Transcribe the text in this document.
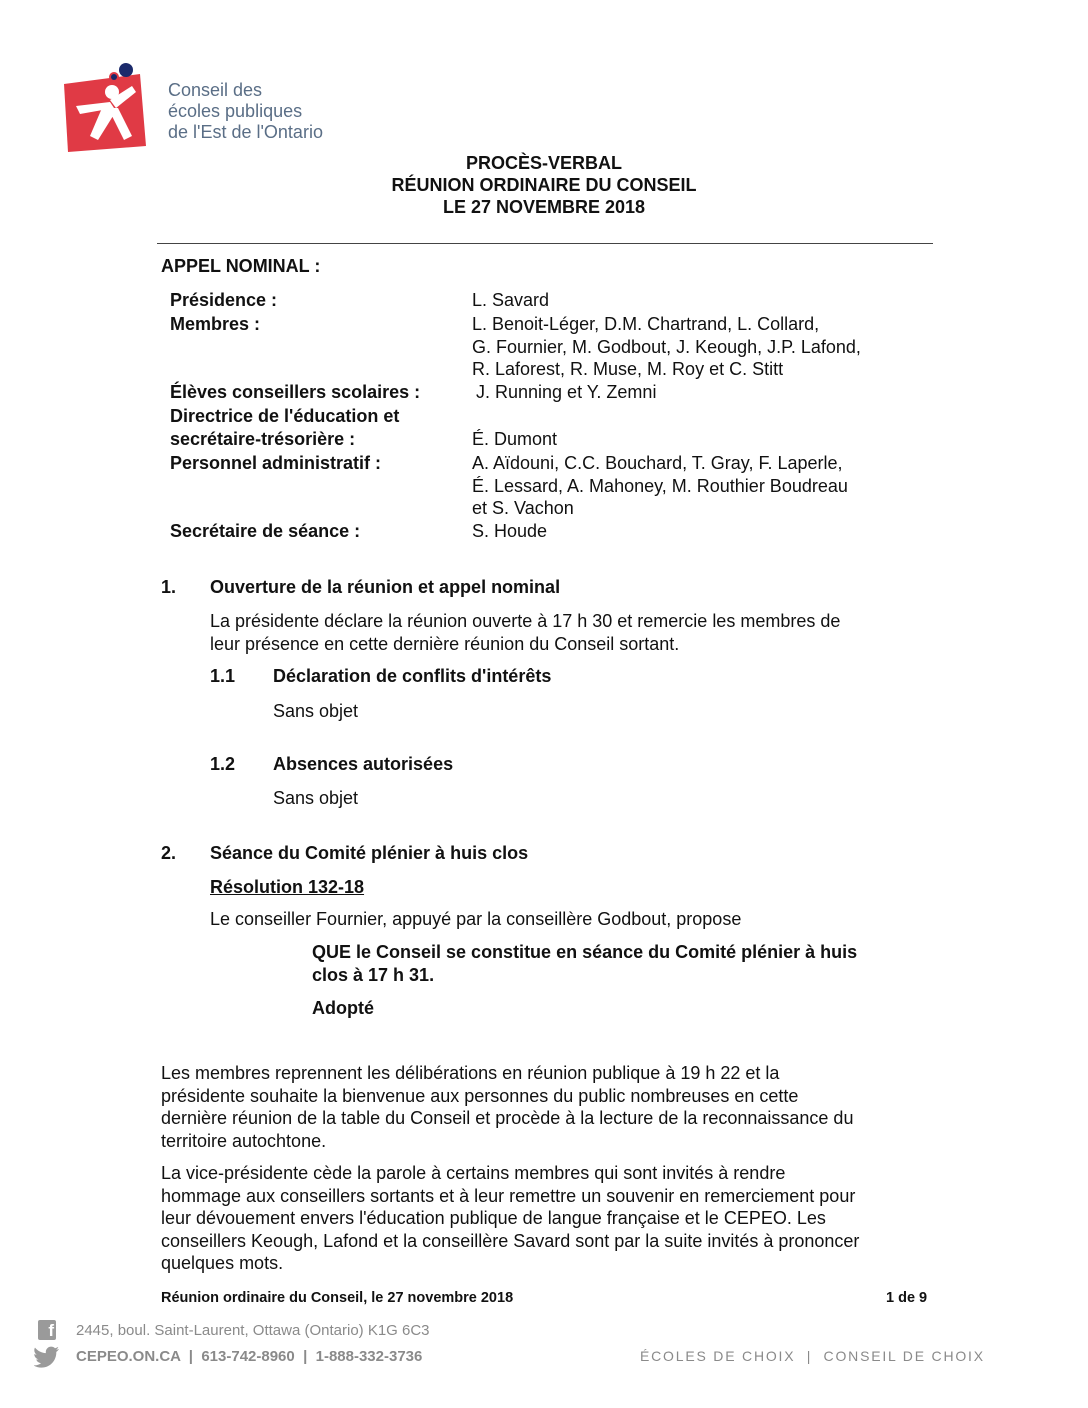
Conseil des
écoles publiques
de l'Est de l'Ontario
PROCÈS-VERBAL
RÉUNION ORDINAIRE DU CONSEIL
LE 27 NOVEMBRE 2018
APPEL NOMINAL :
Présidence :	L. Savard
Membres :	L. Benoit-Léger, D.M. Chartrand, L. Collard,
G. Fournier, M. Godbout, J. Keough, J.P. Lafond,
R. Laforest, R. Muse, M. Roy et C. Stitt
Élèves conseillers scolaires :	J. Running et Y. Zemni
Directrice de l'éducation et
secrétaire-trésorière :	É. Dumont
Personnel administratif :	A. Aïdouni, C.C. Bouchard, T. Gray, F. Laperle,
É. Lessard, A. Mahoney, M. Routhier Boudreau
et S. Vachon
Secrétaire de séance :	S. Houde
1. Ouverture de la réunion et appel nominal
La présidente déclare la réunion ouverte à 17 h 30 et remercie les membres de
leur présence en cette dernière réunion du Conseil sortant.
1.1 Déclaration de conflits d'intérêts
Sans objet
1.2 Absences autorisées
Sans objet
2. Séance du Comité plénier à huis clos
Résolution 132-18
Le conseiller Fournier, appuyé par la conseillère Godbout, propose
QUE le Conseil se constitue en séance du Comité plénier à huis
clos à 17 h 31.
Adopté
Les membres reprennent les délibérations en réunion publique à 19 h 22 et la
présidente souhaite la bienvenue aux personnes du public nombreuses en cette
dernière réunion de la table du Conseil et procède à la lecture de la reconnaissance du
territoire autochtone.
La vice-présidente cède la parole à certains membres qui sont invités à rendre
hommage aux conseillers sortants et à leur remettre un souvenir en remerciement pour
leur dévouement envers l'éducation publique de langue française et le CEPEO. Les
conseillers Keough, Lafond et la conseillère Savard sont par la suite invités à prononcer
quelques mots.
Réunion ordinaire du Conseil, le 27 novembre 2018	1 de 9
f 2445, boul. Saint-Laurent, Ottawa (Ontario) K1G 6C3
CEPEO.ON.CA  |  613-742-8960  |  1-888-332-3736	ÉCOLES DE CHOIX  |  CONSEIL DE CHOIX
